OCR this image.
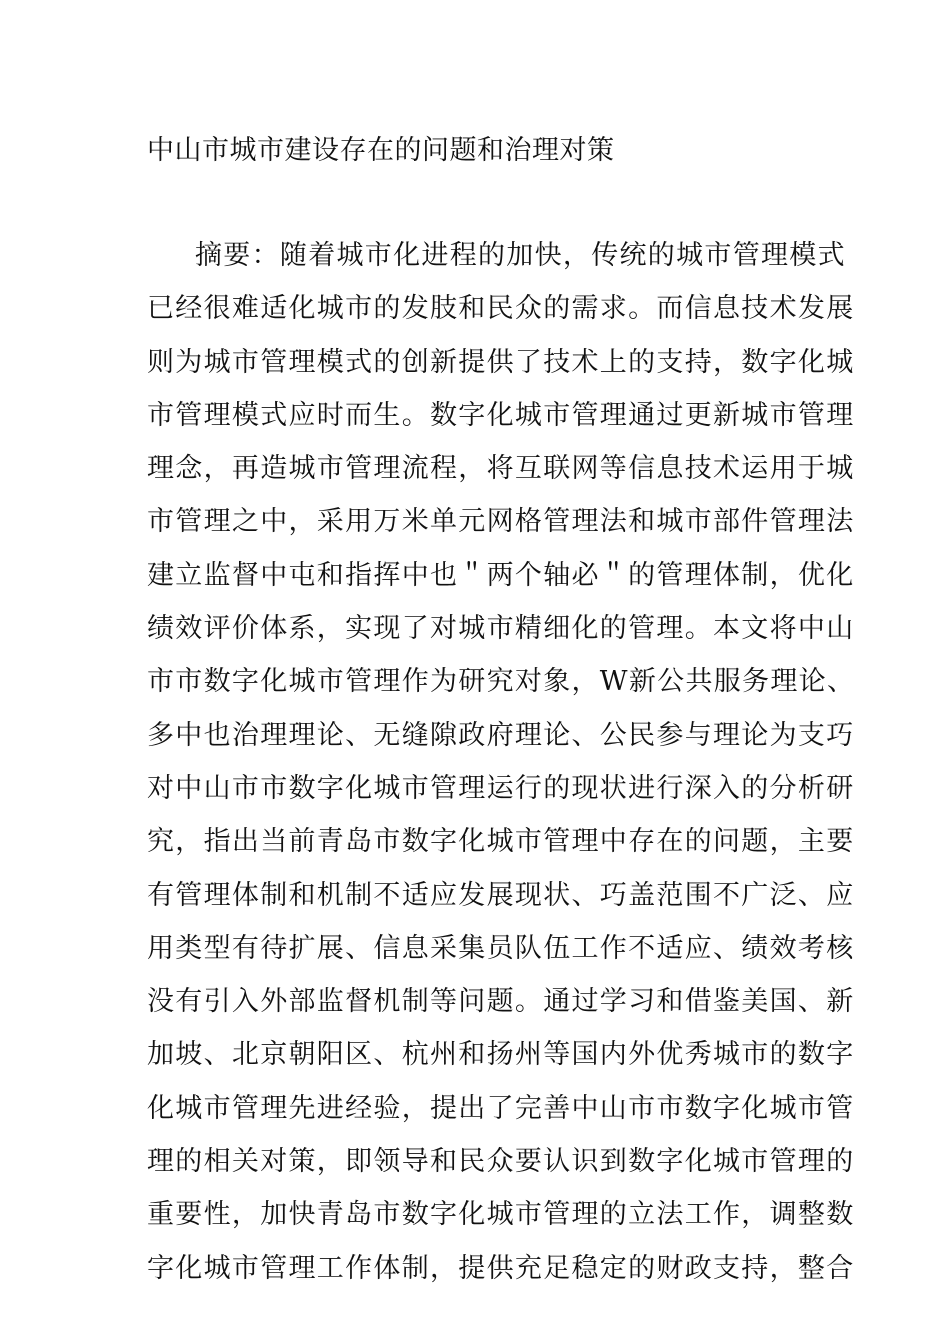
中山市城市建设存在的问题和治理对策
摘要：随着城市化进程的加快，传统的城市管理模式
已经很难适化城市的发肢和民众的需求。而信息技术发展
则为城市管理模式的创新提供了技术上的支持，数字化城
市管理模式应时而生。数字化城市管理通过更新城市管理
理念，再造城市管理流程，将互联网等信息技术运用于城
市管理之中，采用万米单元网格管理法和城市部件管理法
建立监督中屯和指挥中也＂两个轴必＂的管理体制，优化
绩效评价体系，实现了对城市精细化的管理。本文将中山
市市数字化城市管理作为研究对象，W新公共服务理论、
多中也治理理论、无缝隙政府理论、公民参与理论为支巧
对中山市市数字化城市管理运行的现状进行深入的分析研
究，指出当前青岛市数字化城市管理中存在的问题，主要
有管理体制和机制不适应发展现状、巧盖范围不广泛、应
用类型有待扩展、信息采集员队伍工作不适应、绩效考核
没有引入外部监督机制等问题。通过学习和借鉴美国、新
加坡、北京朝阳区、杭州和扬州等国内外优秀城市的数字
化城市管理先进经验，提出了完善中山市市数字化城市管
理的相关对策，即领导和民众要认识到数字化城市管理的
重要性，加快青岛市数字化城市管理的立法工作，调整数
字化城市管理工作体制，提供充足稳定的财政支持，整合
